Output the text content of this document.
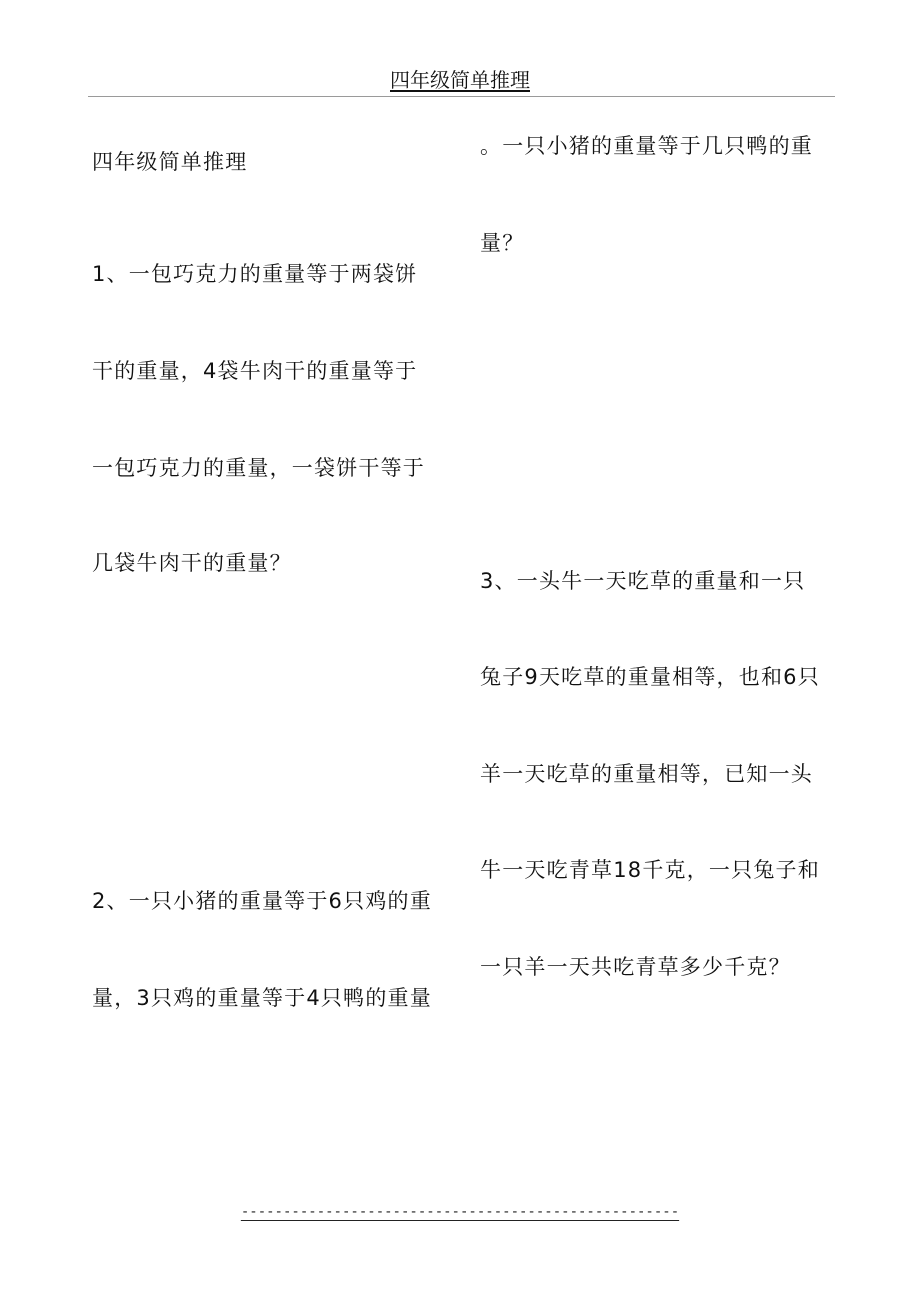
四年级简单推理
四年级简单推理
1、一包巧克力的重量等于两袋饼
干的重量，4袋牛肉干的重量等于
一包巧克力的重量，一袋饼干等于
几袋牛肉干的重量？
2、一只小猪的重量等于6只鸡的重
量，3只鸡的重量等于4只鸭的重量
。一只小猪的重量等于几只鸭的重
量？
3、一头牛一天吃草的重量和一只
兔子9天吃草的重量相等，也和6只
羊一天吃草的重量相等，已知一头
牛一天吃青草18千克，一只兔子和
一只羊一天共吃青草多少千克？
----------------------------------------------------
